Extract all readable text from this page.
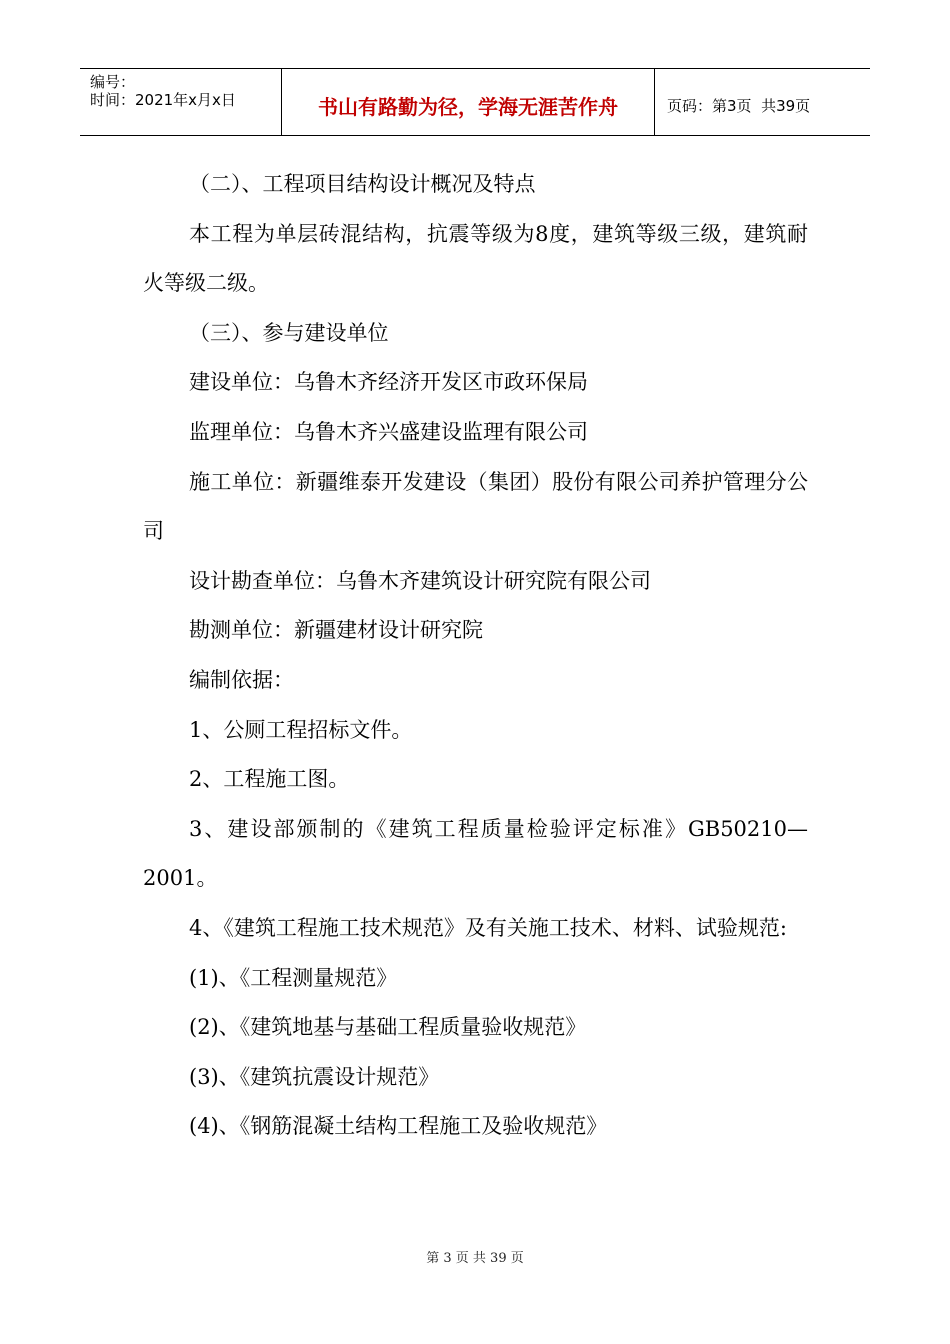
编号：
时间：2021年x月x日	书山有路勤为径，学海无涯苦作舟	页码：第3页  共39页

（二）、工程项目结构设计概况及特点

本工程为单层砖混结构，抗震等级为8度，建筑等级三级，建筑耐火等级二级。

（三）、参与建设单位

建设单位：乌鲁木齐经济开发区市政环保局

监理单位：乌鲁木齐兴盛建设监理有限公司

施工单位：新疆维泰开发建设（集团）股份有限公司养护管理分公司

设计勘查单位：乌鲁木齐建筑设计研究院有限公司

勘测单位：新疆建材设计研究院

编制依据：

1、公厕工程招标文件。

2、工程施工图。

3、建设部颁制的《建筑工程质量检验评定标准》GB50210—2001。

4、《建筑工程施工技术规范》及有关施工技术、材料、试验规范:

(1)、《工程测量规范》

(2)、《建筑地基与基础工程质量验收规范》

(3)、《建筑抗震设计规范》

(4)、《钢筋混凝土结构工程施工及验收规范》

第 3 页 共 39 页
